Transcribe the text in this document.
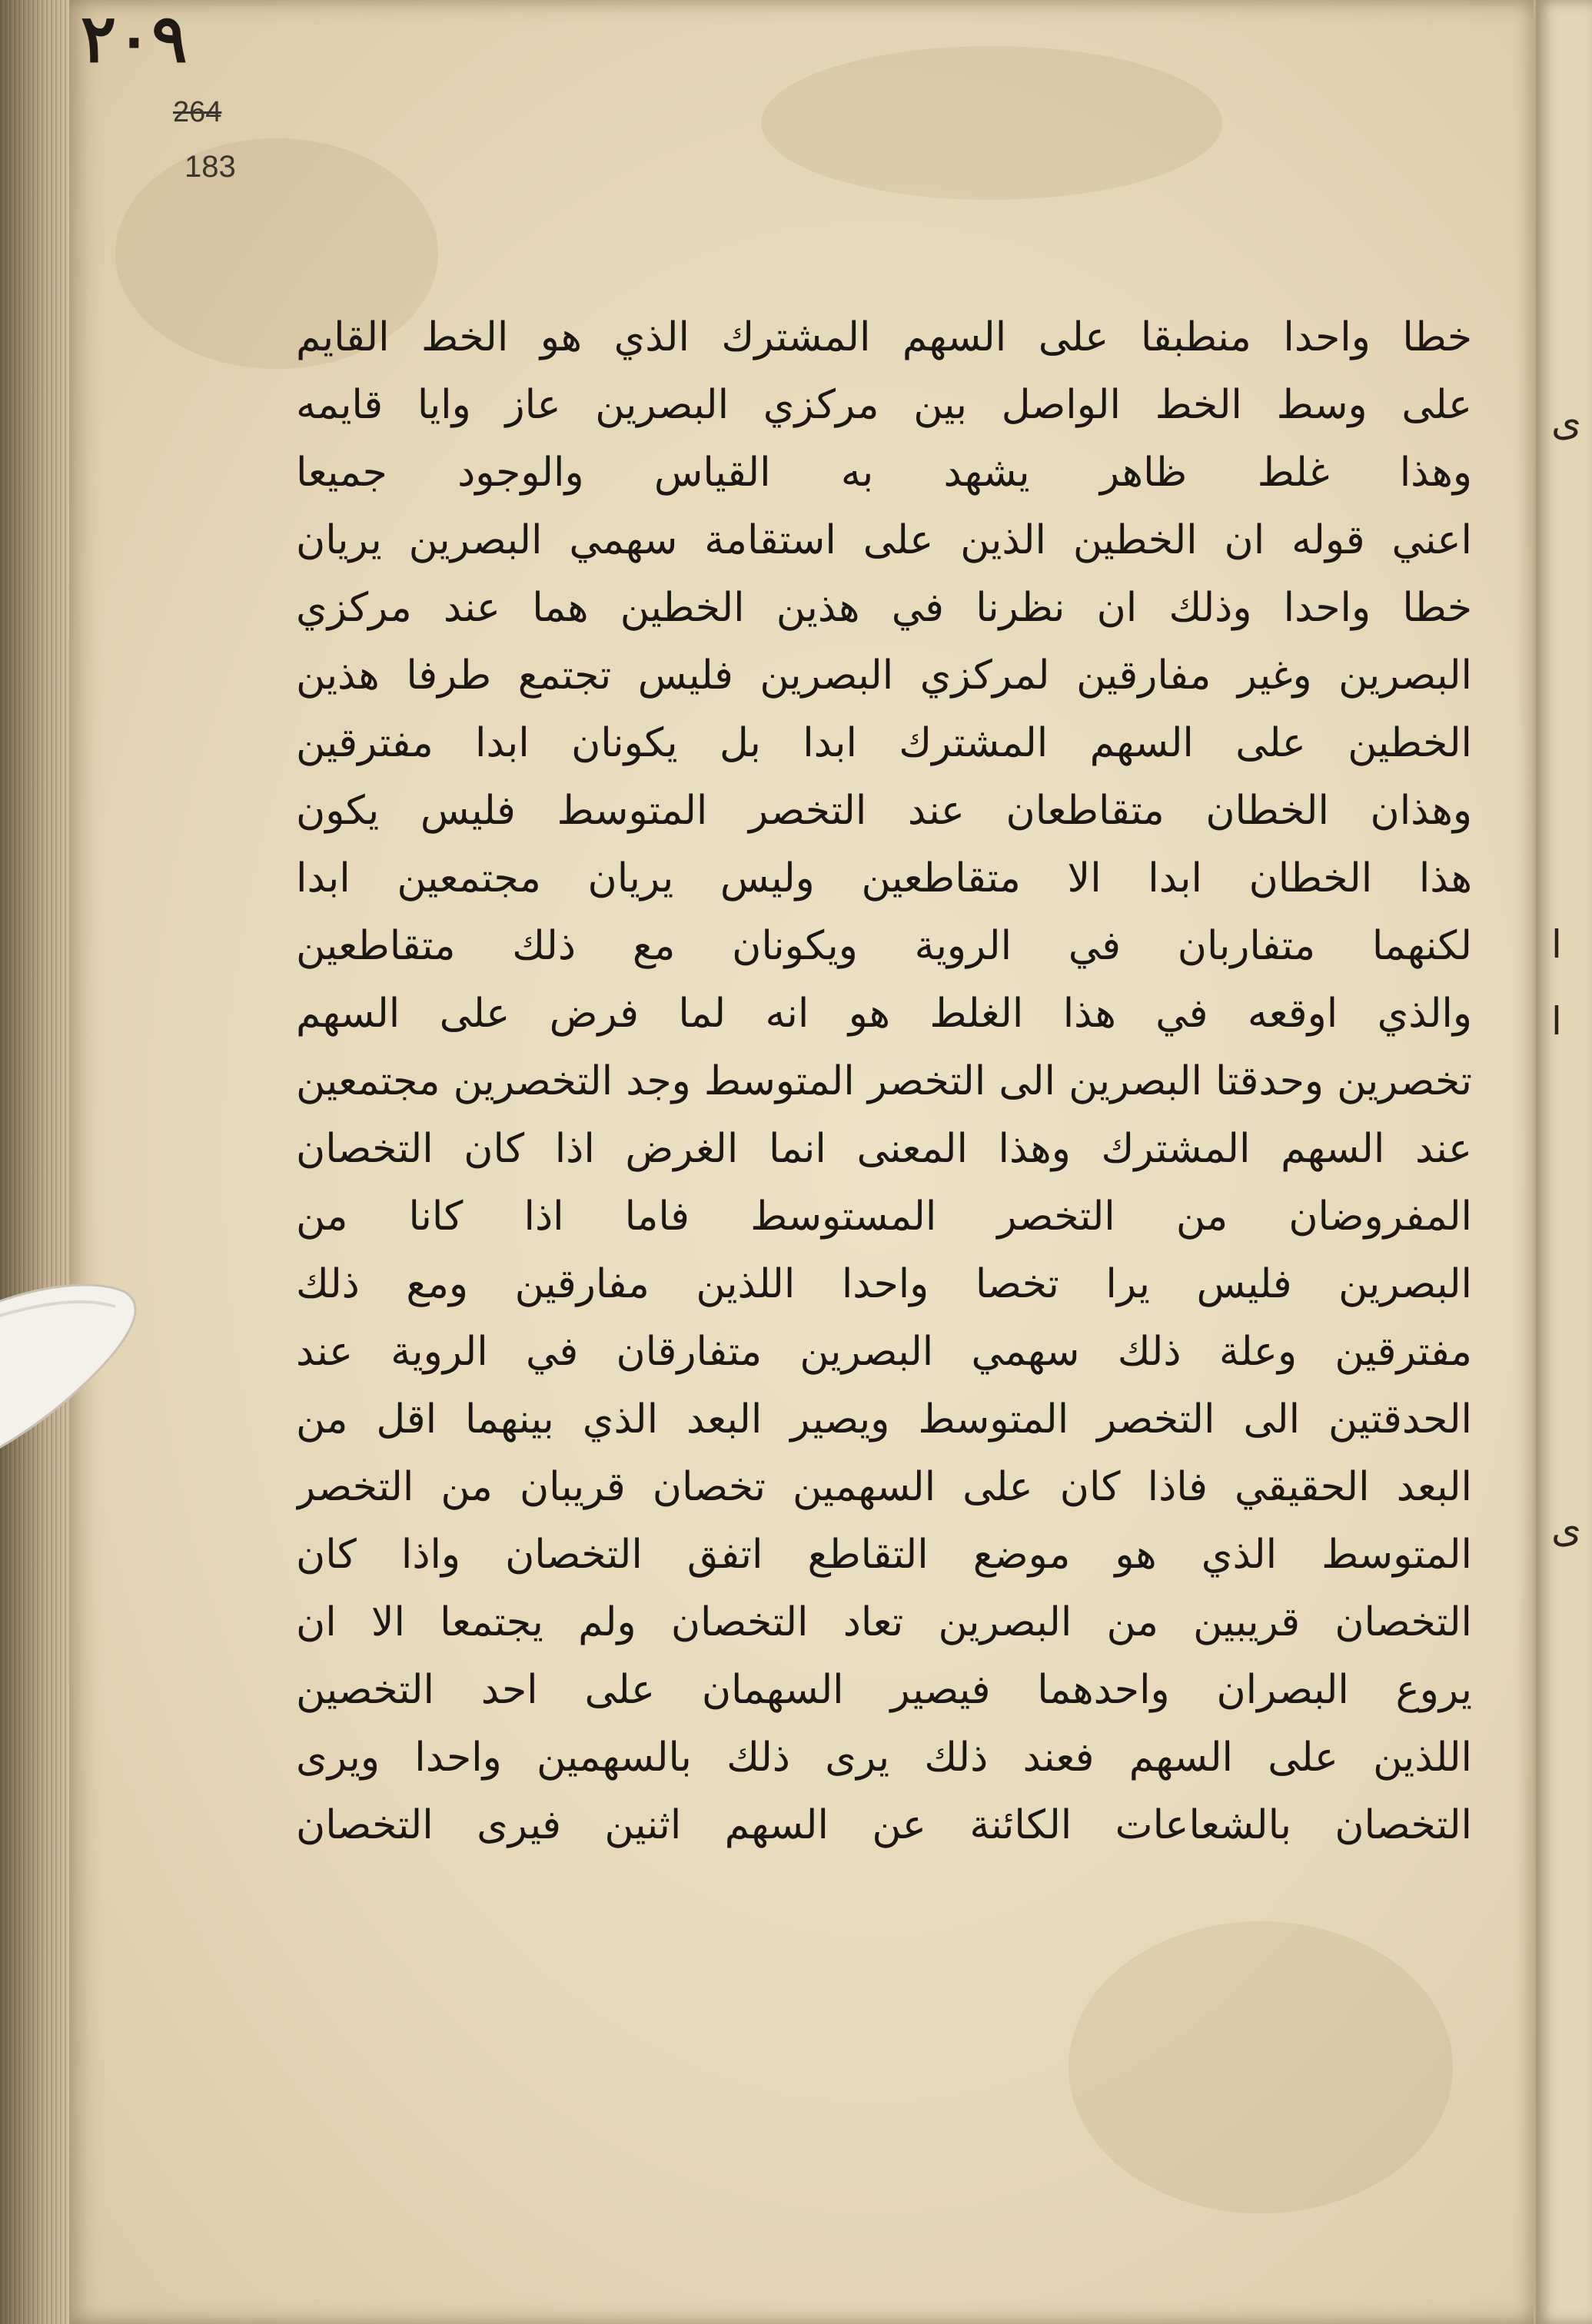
٢٠٩

264

183

خطا واحدا منطبقا على السهم المشترك الذي هو الخط القايم
على وسط الخط الواصل بين مركزي البصرين عاز وايا قايمه
وهذا غلط ظاهر يشهد به القياس والوجود جميعا
اعني قوله ان الخطين الذين على استقامة سهمي البصرين يريان
خطا واحدا وذلك ان نظرنا في هذين الخطين هما عند مركزي
البصرين وغير مفارقين لمركزي البصرين فليس تجتمع طرفا هذين
الخطين على السهم المشترك ابدا بل يكونان ابدا مفترقين
وهذان الخطان متقاطعان عند التخصر المتوسط فليس يكون
هذا الخطان ابدا الا متقاطعين وليس يريان مجتمعين ابدا
لكنهما متفاربان في الروية ويكونان مع ذلك متقاطعين
والذي اوقعه في هذا الغلط هو انه لما فرض على السهم
تخصرين وحدقتا البصرين الى التخصر المتوسط وجد التخصرين مجتمعين
عند السهم المشترك وهذا المعنى انما الغرض اذا كان التخصان
المفروضان من التخصر المستوسط فاما اذا كانا من
البصرين فليس يرا تخصا واحدا اللذين مفارقين ومع ذلك
مفترقين وعلة ذلك سهمي البصرين متفارقان في الروية عند
الحدقتين الى التخصر المتوسط ويصير البعد الذي بينهما اقل من
البعد الحقيقي فاذا كان على السهمين تخصان قريبان من التخصر
المتوسط الذي هو موضع التقاطع اتفق التخصان واذا كان
التخصان قريبين من البصرين تعاد التخصان ولم يجتمعا الا ان
يروع البصران واحدهما فيصير السهمان على احد التخصين
اللذين على السهم فعند ذلك يرى ذلك بالسهمين واحدا ويرى
التخصان بالشعاعات الكائنة عن السهم اثنين فيرى التخصان
ى
ا
ا
ى
